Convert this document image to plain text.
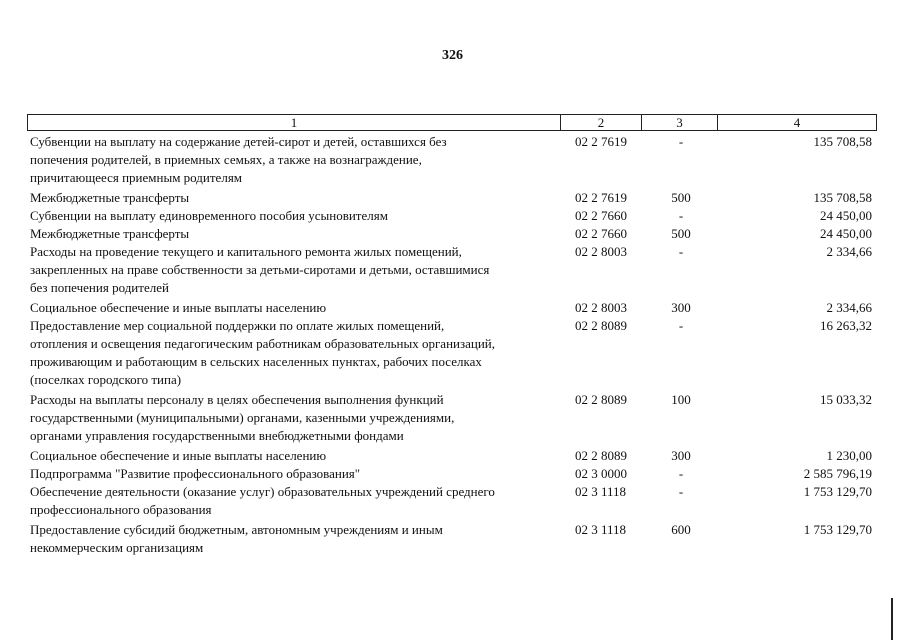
326
1	2	3	4
Субвенции на выплату на содержание детей-сирот и детей, оставшихся без
попечения родителей, в приемных семьях, а также на вознаграждение,
причитающееся приемным родителям
02 2 7619	-	135 708,58
Межбюджетные трансферты	02 2 7619	500	135 708,58
Субвенции на выплату единовременного пособия усыновителям	02 2 7660	-	24 450,00
Межбюджетные трансферты	02 2 7660	500	24 450,00
Расходы на проведение текущего и капитального ремонта жилых помещений,
закрепленных на праве собственности за детьми-сиротами и детьми, оставшимися
без попечения родителей
02 2 8003	-	2 334,66
Социальное обеспечение и иные выплаты населению	02 2 8003	300	2 334,66
Предоставление мер социальной поддержки по оплате жилых помещений,
отопления и освещения педагогическим работникам образовательных организаций,
проживающим и работающим в сельских населенных пунктах, рабочих поселках
(поселках городского типа)
02 2 8089	-	16 263,32
Расходы на выплаты персоналу в целях обеспечения выполнения функций
государственными (муниципальными) органами, казенными учреждениями,
органами управления государственными внебюджетными фондами
02 2 8089	100	15 033,32
Социальное обеспечение и иные выплаты населению	02 2 8089	300	1 230,00
Подпрограмма "Развитие профессионального образования"	02 3 0000	-	2 585 796,19
Обеспечение деятельности (оказание услуг) образовательных учреждений среднего
профессионального образования
02 3 1118	-	1 753 129,70
Предоставление субсидий бюджетным, автономным учреждениям и иным
некоммерческим организациям
02 3 1118	600	1 753 129,70
